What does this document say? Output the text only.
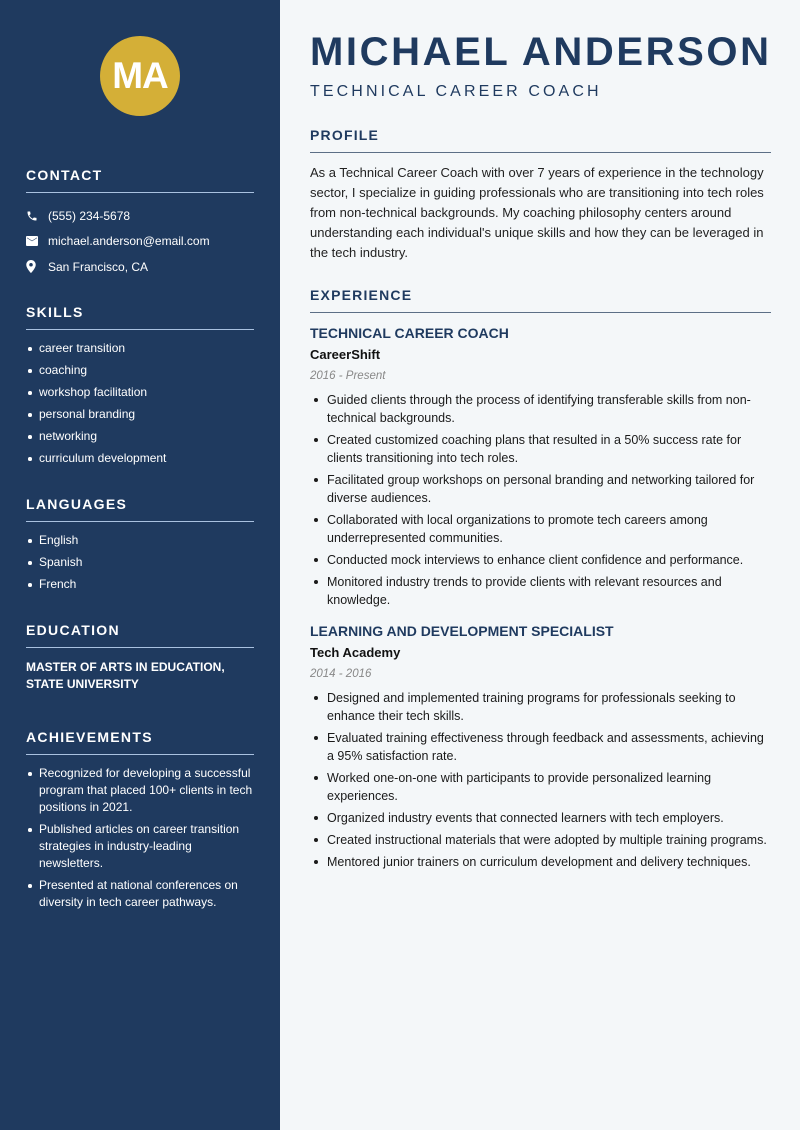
MA
CONTACT
(555) 234-5678
michael.anderson@email.com
San Francisco, CA
SKILLS
career transition
coaching
workshop facilitation
personal branding
networking
curriculum development
LANGUAGES
English
Spanish
French
EDUCATION
MASTER OF ARTS IN EDUCATION, STATE UNIVERSITY
ACHIEVEMENTS
Recognized for developing a successful program that placed 100+ clients in tech positions in 2021.
Published articles on career transition strategies in industry-leading newsletters.
Presented at national conferences on diversity in tech career pathways.
MICHAEL ANDERSON
TECHNICAL CAREER COACH
PROFILE

As a Technical Career Coach with over 7 years of experience in the technology sector, I specialize in guiding professionals who are transitioning into tech roles from non-technical backgrounds. My coaching philosophy centers around understanding each individual's unique skills and how they can be leveraged in the tech industry.

EXPERIENCE
TECHNICAL CAREER COACH
CareerShift
2016 - Present
Guided clients through the process of identifying transferable skills from non-technical backgrounds.
Created customized coaching plans that resulted in a 50% success rate for clients transitioning into tech roles.
Facilitated group workshops on personal branding and networking tailored for diverse audiences.
Collaborated with local organizations to promote tech careers among underrepresented communities.
Conducted mock interviews to enhance client confidence and performance.
Monitored industry trends to provide clients with relevant resources and knowledge.
LEARNING AND DEVELOPMENT SPECIALIST
Tech Academy
2014 - 2016
Designed and implemented training programs for professionals seeking to enhance their tech skills.
Evaluated training effectiveness through feedback and assessments, achieving a 95% satisfaction rate.
Worked one-on-one with participants to provide personalized learning experiences.
Organized industry events that connected learners with tech employers.
Created instructional materials that were adopted by multiple training programs.
Mentored junior trainers on curriculum development and delivery techniques.
